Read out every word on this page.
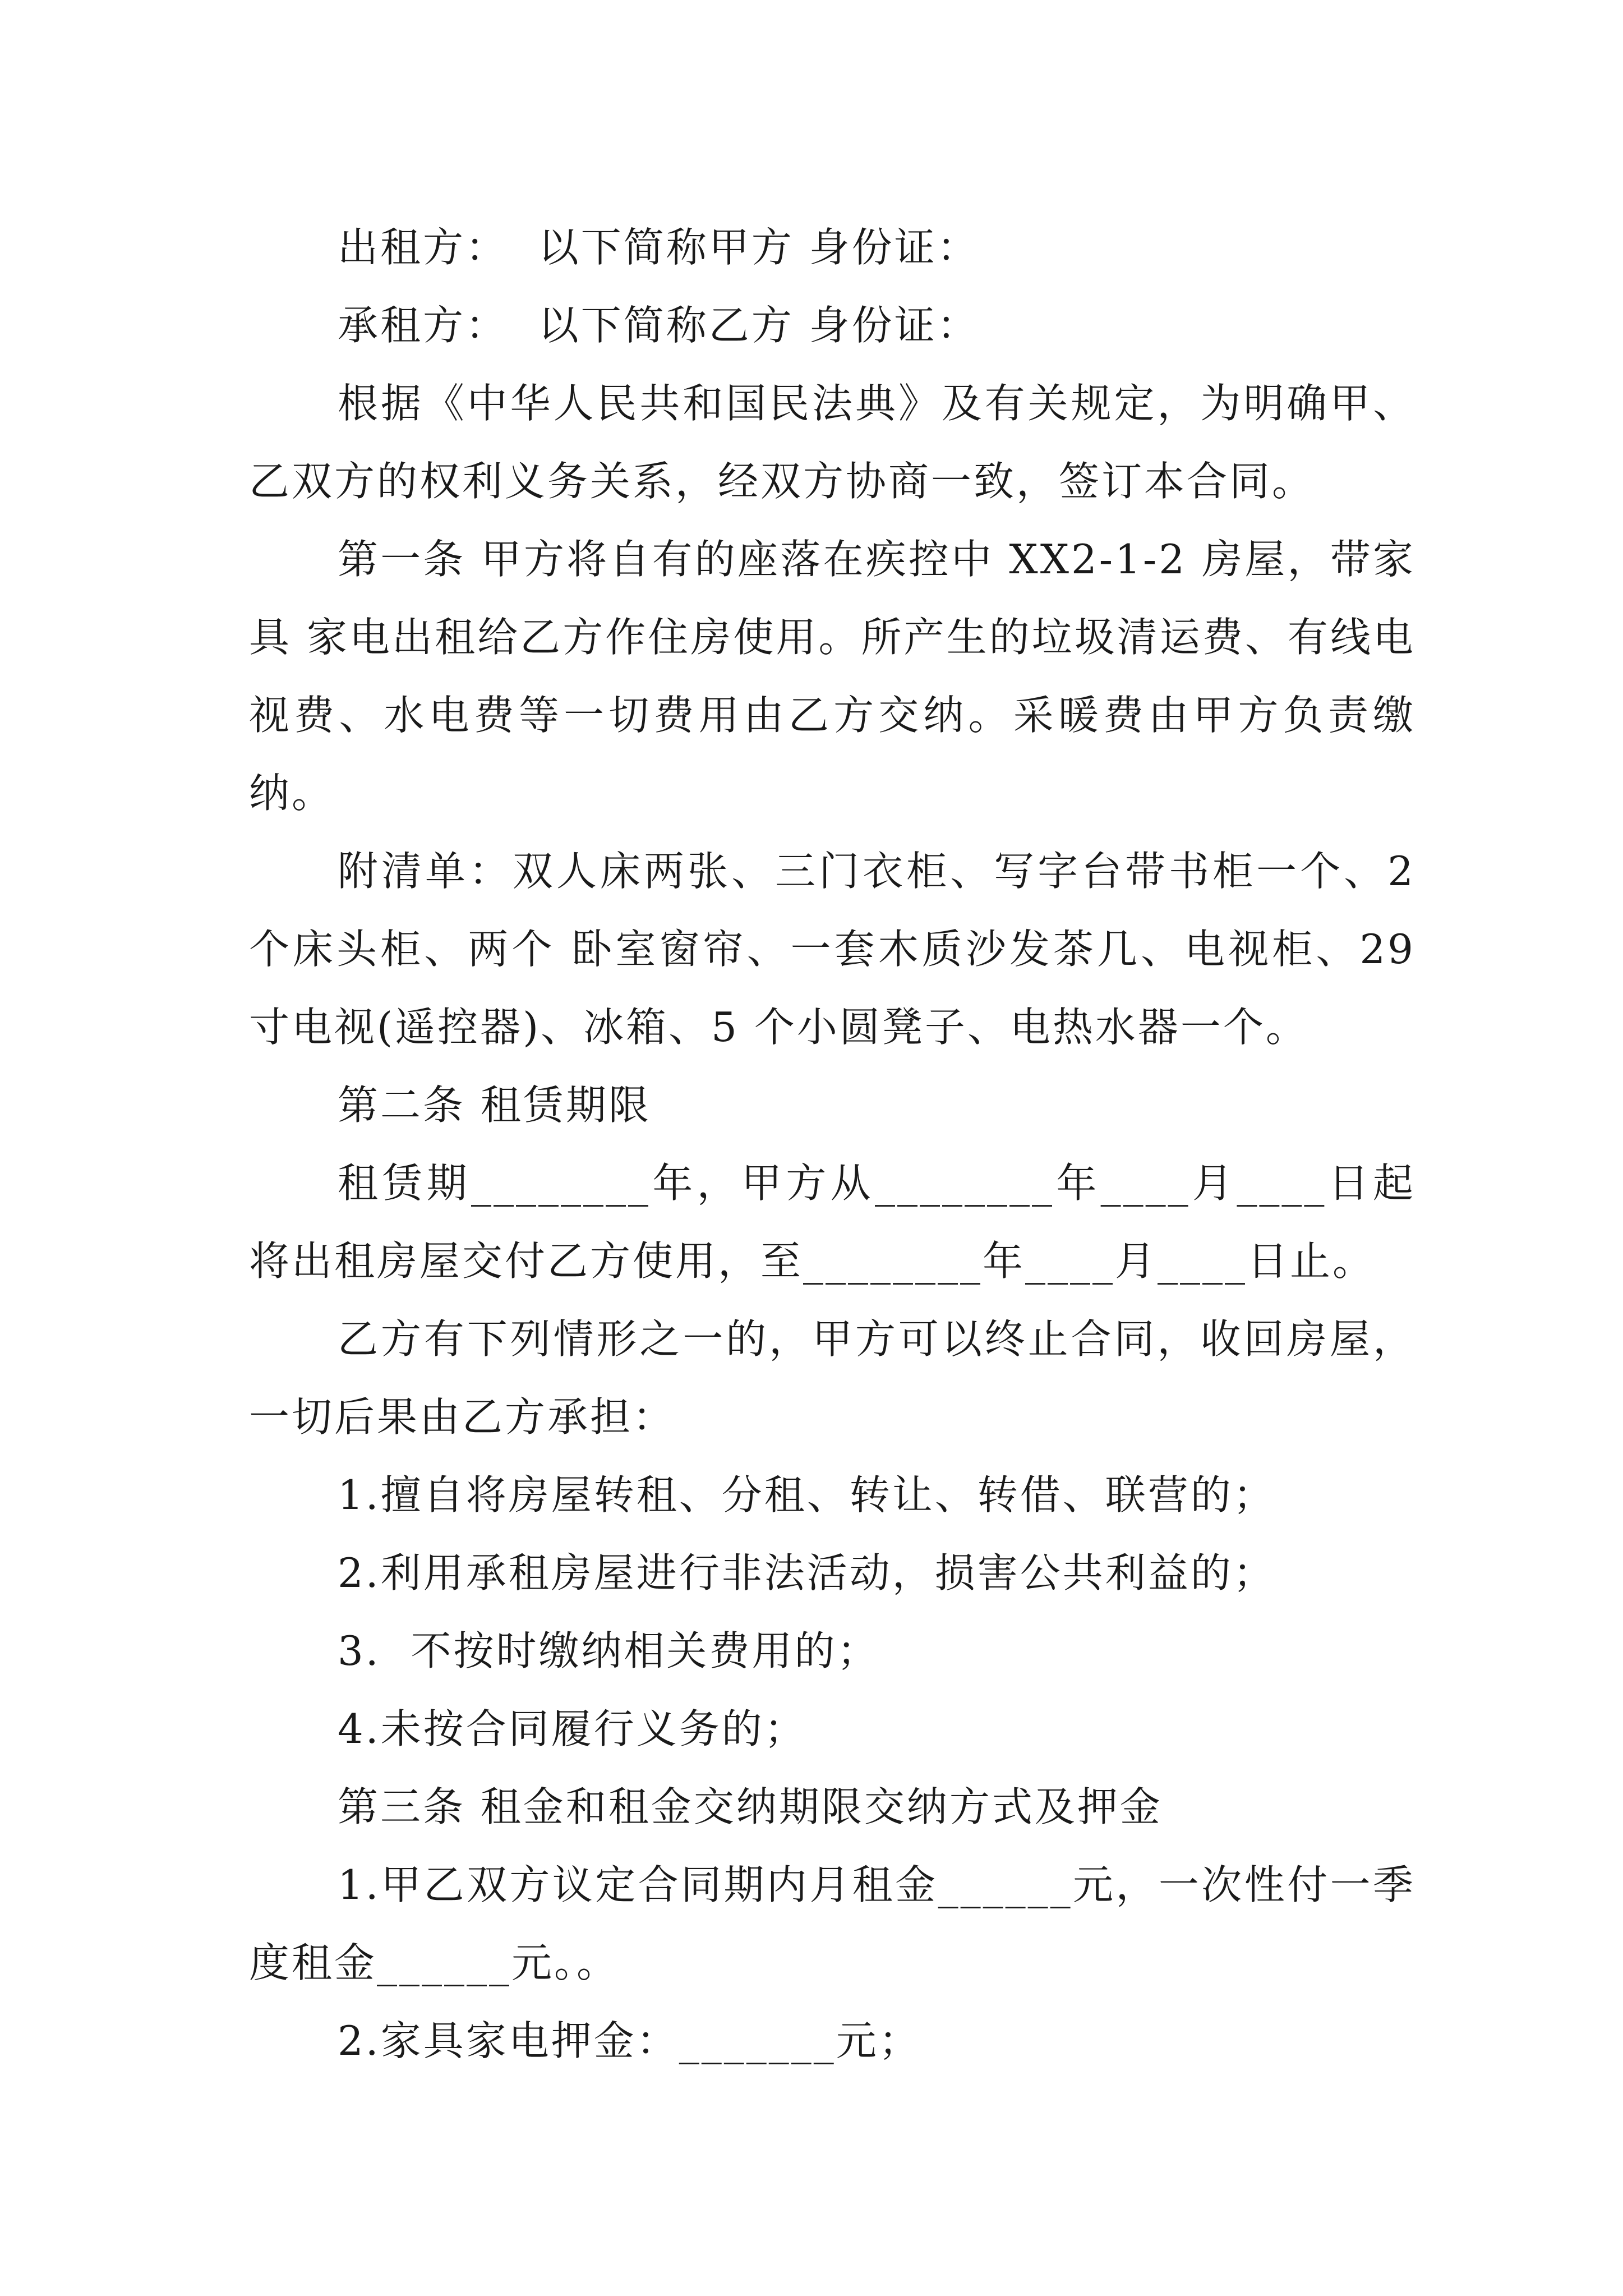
出租方：  以下简称甲方 身份证：

承租方：  以下简称乙方 身份证：

根据《中华人民共和国民法典》及有关规定，为明确甲、乙双方的权利义务关系，经双方协商一致，签订本合同。

第一条 甲方将自有的座落在疾控中 XX2-1-2 房屋，带家具 家电出租给乙方作住房使用。所产生的垃圾清运费、有线电视费、水电费等一切费用由乙方交纳。采暖费由甲方负责缴纳。

附清单：双人床两张、三门衣柜、写字台带书柜一个、2 个床头柜、两个 卧室窗帘、一套木质沙发茶几、电视柜、29 寸电视(遥控器)、冰箱、5 个小圆凳子、电热水器一个。

第二条 租赁期限

租赁期________年，甲方从________年____月____日起将出租房屋交付乙方使用，至________年____月____日止。

乙方有下列情形之一的，甲方可以终止合同，收回房屋，一切后果由乙方承担：

1.擅自将房屋转租、分租、转让、转借、联营的；

2.利用承租房屋进行非法活动，损害公共利益的；

3.  不按时缴纳相关费用的；

4.未按合同履行义务的；

第三条 租金和租金交纳期限交纳方式及押金

1.甲乙双方议定合同期内月租金______元，一次性付一季度租金______元。。

2.家具家电押金：_______元；
